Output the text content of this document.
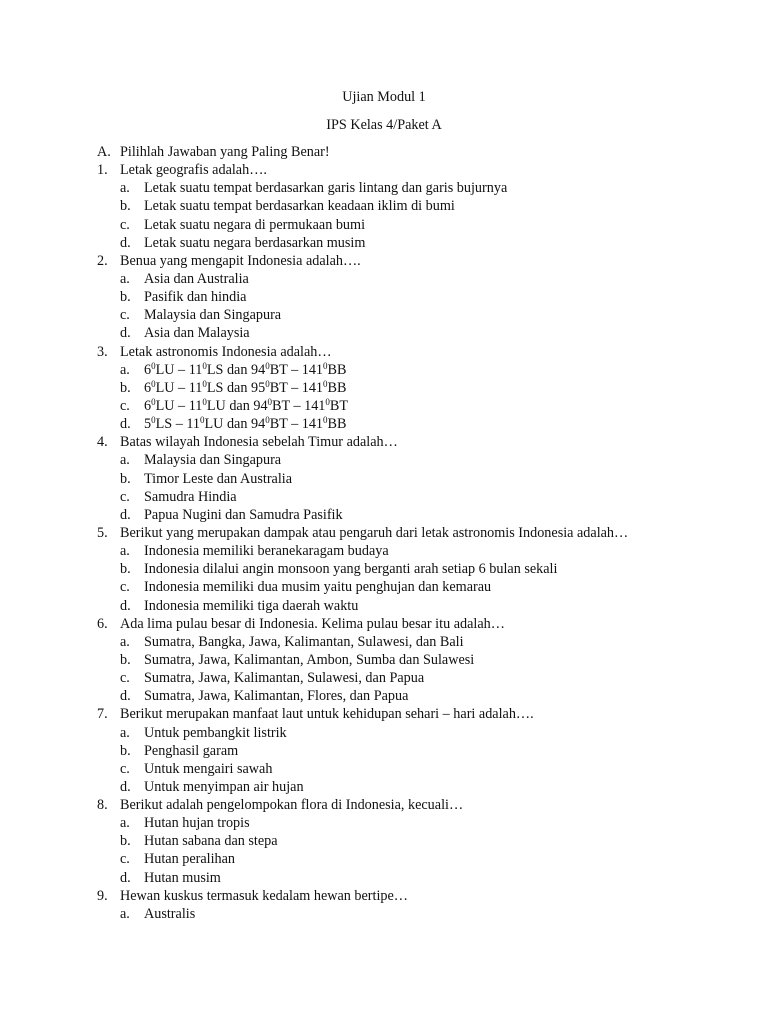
Ujian Modul 1
IPS Kelas 4/Paket A
A. Pilihlah Jawaban yang Paling Benar!
1. Letak geografis adalah….
a. Letak suatu tempat berdasarkan garis lintang dan garis bujurnya
b. Letak suatu tempat berdasarkan keadaan iklim di bumi
c. Letak suatu negara di permukaan bumi
d. Letak suatu negara berdasarkan musim
2. Benua yang mengapit Indonesia adalah….
a. Asia dan Australia
b. Pasifik dan hindia
c. Malaysia dan Singapura
d. Asia dan Malaysia
3. Letak astronomis Indonesia adalah…
a. $6^0LU - 11^0LS$ dan $94^0BT - 141^0BB$
b. $6^0LU - 11^0LS$ dan $95^0BT - 141^0BB$
c. $6^0LU - 11^0LU$ dan $94^0BT - 141^0BT$
d. $5^0LS - 11^0LU$ dan $94^0BT - 141^0BB$
4. Batas wilayah Indonesia sebelah Timur adalah…
a. Malaysia dan Singapura
b. Timor Leste dan Australia
c. Samudra Hindia
d. Papua Nugini dan Samudra Pasifik
5. Berikut yang merupakan dampak atau pengaruh dari letak astronomis Indonesia adalah…
a. Indonesia memiliki beranekaragam budaya
b. Indonesia dilalui angin monsoon yang berganti arah setiap 6 bulan sekali
c. Indonesia memiliki dua musim yaitu penghujan dan kemarau
d. Indonesia memiliki tiga daerah waktu
6. Ada lima pulau besar di Indonesia. Kelima pulau besar itu adalah…
a. Sumatra, Bangka, Jawa, Kalimantan, Sulawesi, dan Bali
b. Sumatra, Jawa, Kalimantan, Ambon, Sumba dan Sulawesi
c. Sumatra, Jawa, Kalimantan, Sulawesi, dan Papua
d. Sumatra, Jawa, Kalimantan, Flores, dan Papua
7. Berikut merupakan manfaat laut untuk kehidupan sehari – hari adalah….
a. Untuk pembangkit listrik
b. Penghasil garam
c. Untuk mengairi sawah
d. Untuk menyimpan air hujan
8. Berikut adalah pengelompokan flora di Indonesia, kecuali…
a. Hutan hujan tropis
b. Hutan sabana dan stepa
c. Hutan peralihan
d. Hutan musim
9. Hewan kuskus termasuk kedalam hewan bertipe…
a. Australis
